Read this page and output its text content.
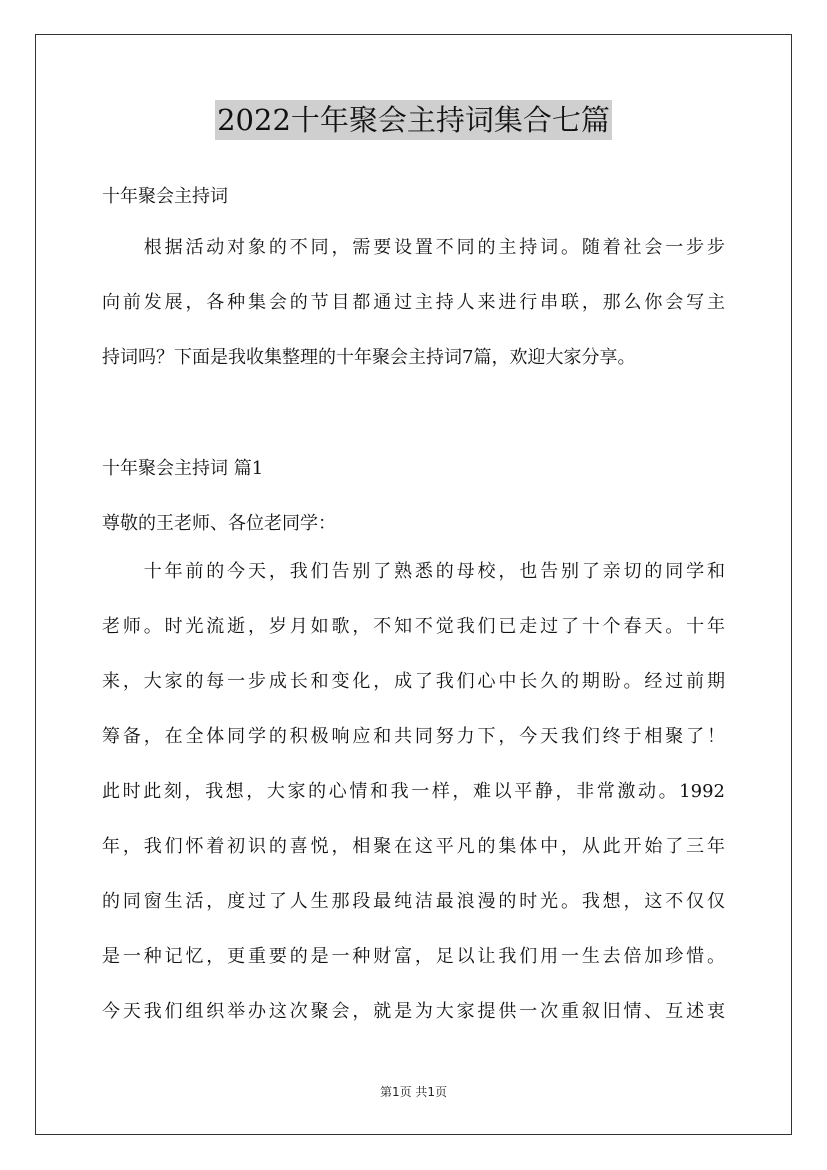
2022十年聚会主持词集合七篇
十年聚会主持词
　　根据活动对象的不同，需要设置不同的主持词。随着社会一步步
向前发展，各种集会的节目都通过主持人来进行串联，那么你会写主
持词吗？下面是我收集整理的十年聚会主持词7篇，欢迎大家分享。
十年聚会主持词 篇1
尊敬的王老师、各位老同学：
　　十年前的今天，我们告别了熟悉的母校，也告别了亲切的同学和
老师。时光流逝，岁月如歌，不知不觉我们已走过了十个春天。十年
来，大家的每一步成长和变化，成了我们心中长久的期盼。经过前期
筹备，在全体同学的积极响应和共同努力下，今天我们终于相聚了！
此时此刻，我想，大家的心情和我一样，难以平静，非常激动。1992
年，我们怀着初识的喜悦，相聚在这平凡的集体中，从此开始了三年
的同窗生活，度过了人生那段最纯洁最浪漫的时光。我想，这不仅仅
是一种记忆，更重要的是一种财富，足以让我们用一生去倍加珍惜。
今天我们组织举办这次聚会，就是为大家提供一次重叙旧情、互述衷
第1页 共1页
